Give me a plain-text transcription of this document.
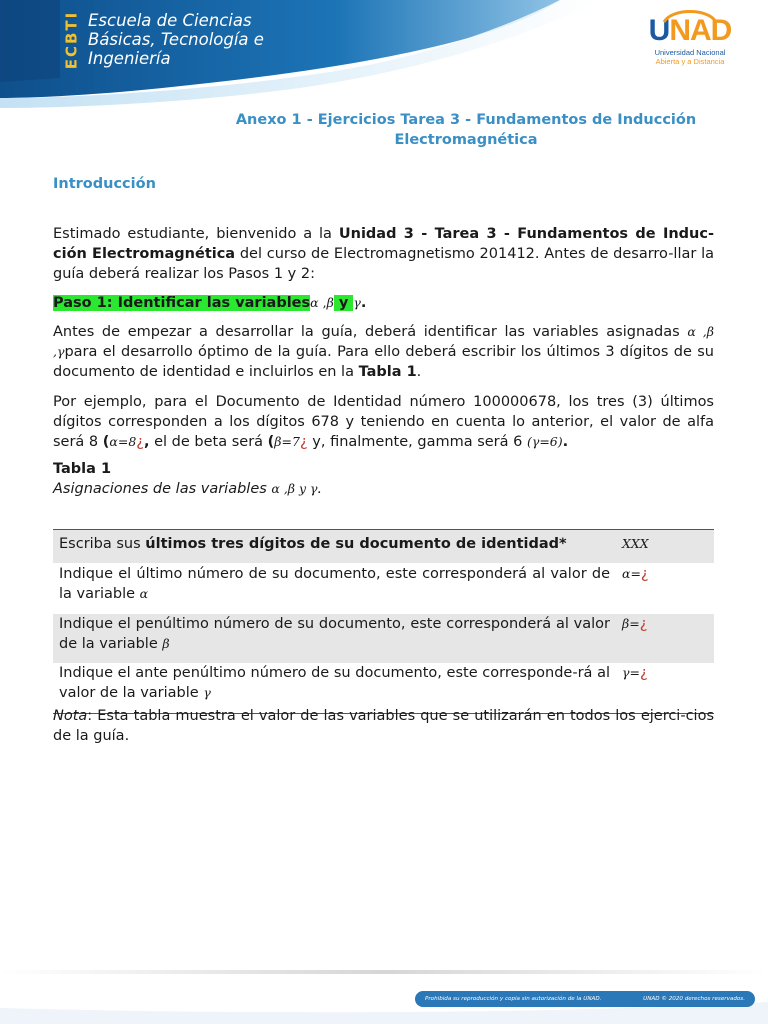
ECBTI Escuela de Ciencias
Básicas, Tecnología e
Ingeniería
UNAD
Universidad Nacional
Abierta y a Distancia
Anexo 1 - Ejercicios Tarea 3 - Fundamentos de Inducción
Electromagnética
Introducción

Estimado estudiante, bienvenido a la Unidad 3 - Tarea 3 - Fundamentos de Induc-ción Electromagnética del curso de Electromagnetismo 201412. Antes de desarro-llar la guía deberá realizar los Pasos 1 y 2:

Paso 1: Identificar las variablesα ,β y γ.

Antes de empezar a desarrollar la guía, deberá identificar las variables asignadas α ,β ,γpara el desarrollo óptimo de la guía. Para ello deberá escribir los últimos 3 dígitos de su documento de identidad e incluirlos en la Tabla 1.

Por ejemplo, para el Documento de Identidad número 100000678, los tres (3) últimos dígitos corresponden a los dígitos 678 y teniendo en cuenta lo anterior, el valor de alfa será 8 (α=8¿, el de beta será (β=7¿ y, finalmente, gamma será 6 (γ=6).

Tabla 1
Asignaciones de las variables α ,β y γ.
Escriba sus últimos tres dígitos de su documento de identidad*	XXX
Indique el último número de su documento, este corresponderá al valor de la variable α	α=¿
Indique el penúltimo número de su documento, este corresponderá al valor de la variable β	β=¿
Indique el ante penúltimo número de su documento, este corresponde-rá al valor de la variable γ	γ=¿

Nota: Esta tabla muestra el valor de las variables que se utilizarán en todos los ejerci-cios de la guía.

Prohibida su reproducción y copia sin autorización de la UNAD.	UNAD © 2020 derechos reservados.
